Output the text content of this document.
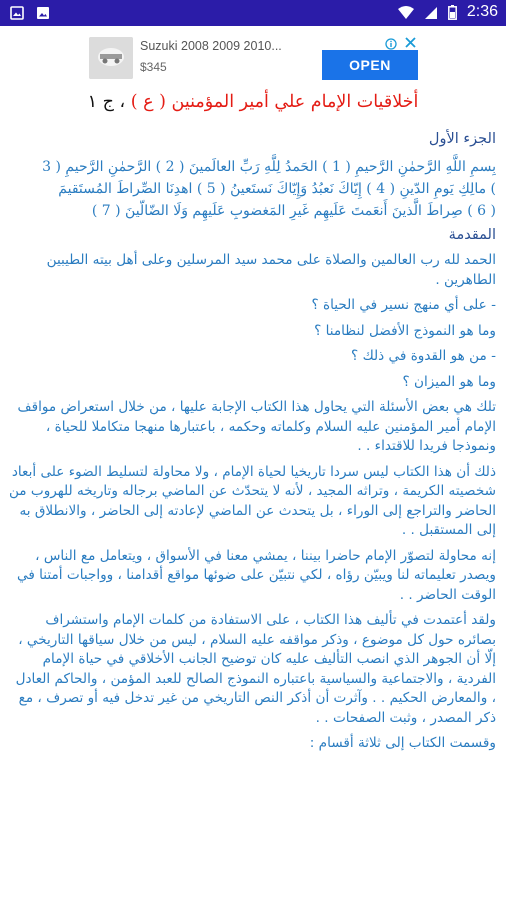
2:36
Suzuki 2008 2009 2010...
$345	OPEN
أخلاقيات الإمام علي أمير المؤمنين ( ع ) ، ج ١

الجزء الأول

بِسمِ اللَّهِ الرَّحمٰنِ الرَّحيمِ ( 1 ) الحَمدُ لِلَّهِ رَبِّ العالَمينَ ( 2 ) الرَّحمٰنِ الرَّحيمِ ( 3
) مالِكِ يَومِ الدّينِ ( 4 ) إِيّاكَ نَعبُدُ وَإِيّاكَ نَستَعينُ ( 5 ) اهدِنَا الصِّراطَ المُستَقيمَ
( 6 ) صِراطَ الَّذينَ أَنعَمتَ عَلَيهِم غَيرِ المَغضوبِ عَلَيهِم وَلَا الضّالّينَ ( 7 )

المقدمة

الحمد لله رب العالمين والصلاة على محمد سيد المرسلين وعلى أهل بيته الطيبين الطاهرين .

- على أي منهج نسير في الحياة ؟

وما هو النموذج الأفضل لنظامنا ؟

- من هو القدوة في ذلك ؟

وما هو الميزان ؟

تلك هي بعض الأسئلة التي يحاول هذا الكتاب الإجابة عليها ، من خلال استعراض مواقف الإمام أمير المؤمنين عليه السلام وكلماته وحكمه ، باعتبارها منهجا متكاملا للحياة ، ونموذجا فريدا للاقتداء . .

ذلك أن هذا الكتاب ليس سردا تاريخيا لحياة الإمام ، ولا محاولة لتسليط الضوء على أبعاد شخصيته الكريمة ، وتراثه المجيد ، لأنه لا يتحدّث عن الماضي برجاله وتاريخه للهروب من الحاضر والتراجع إلى الوراء ، بل يتحدث عن الماضي لإعادته إلى الحاضر ، والانطلاق به إلى المستقبل . .

إنه محاولة لتصوّر الإمام حاضرا بيننا ، يمشي معنا في الأسواق ، ويتعامل مع الناس ، ويصدر تعليماته لنا ويبيّن رؤاه ، لكي نتبيّن على ضوئها مواقع أقدامنا ، وواجبات أمتنا في الوقت الحاضر . .

ولقد أعتمدت في تأليف هذا الكتاب ، على الاستفادة من كلمات الإمام واستشراف بصائره حول كل موضوع ، وذكر مواقفه عليه السلام ، ليس من خلال سياقها التاريخي ، إلّا أن الجوهر الذي انصب التأليف عليه كان توضيح الجانب الأخلاقي في حياة الإمام الفردية ، والاجتماعية والسياسية باعتباره النموذج الصالح للعبد المؤمن ، والحاكم العادل ، والمعارض الحكيم . . وآثرت أن أذكر النص التاريخي من غير تدخل فيه أو تصرف ، مع ذكر المصدر ، وثبت الصفحات . .

وقسمت الكتاب إلى ثلاثة أقسام :
